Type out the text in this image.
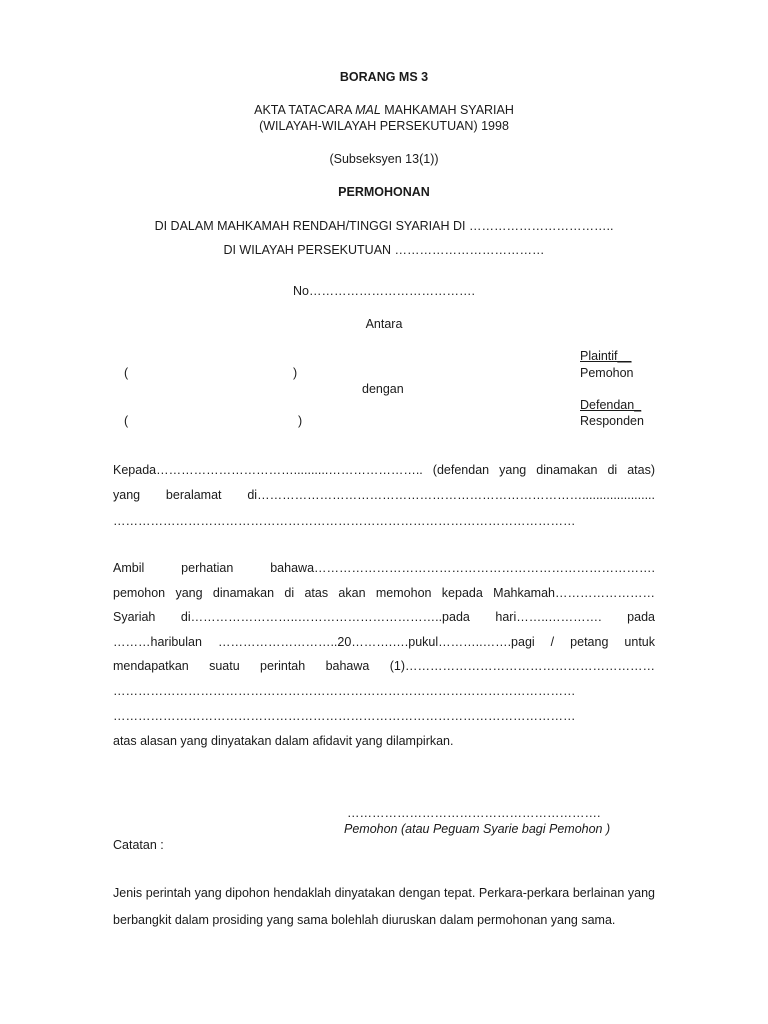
BORANG MS 3
AKTA TATACARA MAL MAHKAMAH SYARIAH
(WILAYAH-WILAYAH PERSEKUTUAN) 1998
(Subseksyen 13(1))
PERMOHONAN
DI DALAM MAHKAMAH RENDAH/TINGGI SYARIAH DI ……………………………..
DI WILAYAH PERSEKUTUAN ………………………………
No………………………………….
Antara
Plaintif__
(	)	Pemohon
dengan
Defendan_
(	)	Responden
Kepada……………………………..........………………….. (defendan yang dinamakan di atas)
yang beralamat di…………………………………………………………………….....................
…………………………………………………………………………………………………
Ambil perhatian bahawa……………………………………………………………………….
pemohon yang dinamakan di atas akan memohon kepada Mahkamah……………………
Syariah di……………………..……………………………..pada hari……..…………. pada
………haribulan ………………………..20……….….pukul………..…….pagi / petang untuk
mendapatkan suatu perintah bahawa (1)……………………………………………………
…………………………………………………………………………………………………
…………………………………………………………………………………………………
atas alasan yang dinyatakan dalam afidavit yang dilampirkan.
…………………………………………………….
Pemohon (atau Peguam Syarie bagi Pemohon )
Catatan :
Jenis perintah yang dipohon hendaklah dinyatakan dengan tepat. Perkara-perkara berlainan yang berbangkit dalam prosiding yang sama bolehlah diuruskan dalam permohonan yang sama.
